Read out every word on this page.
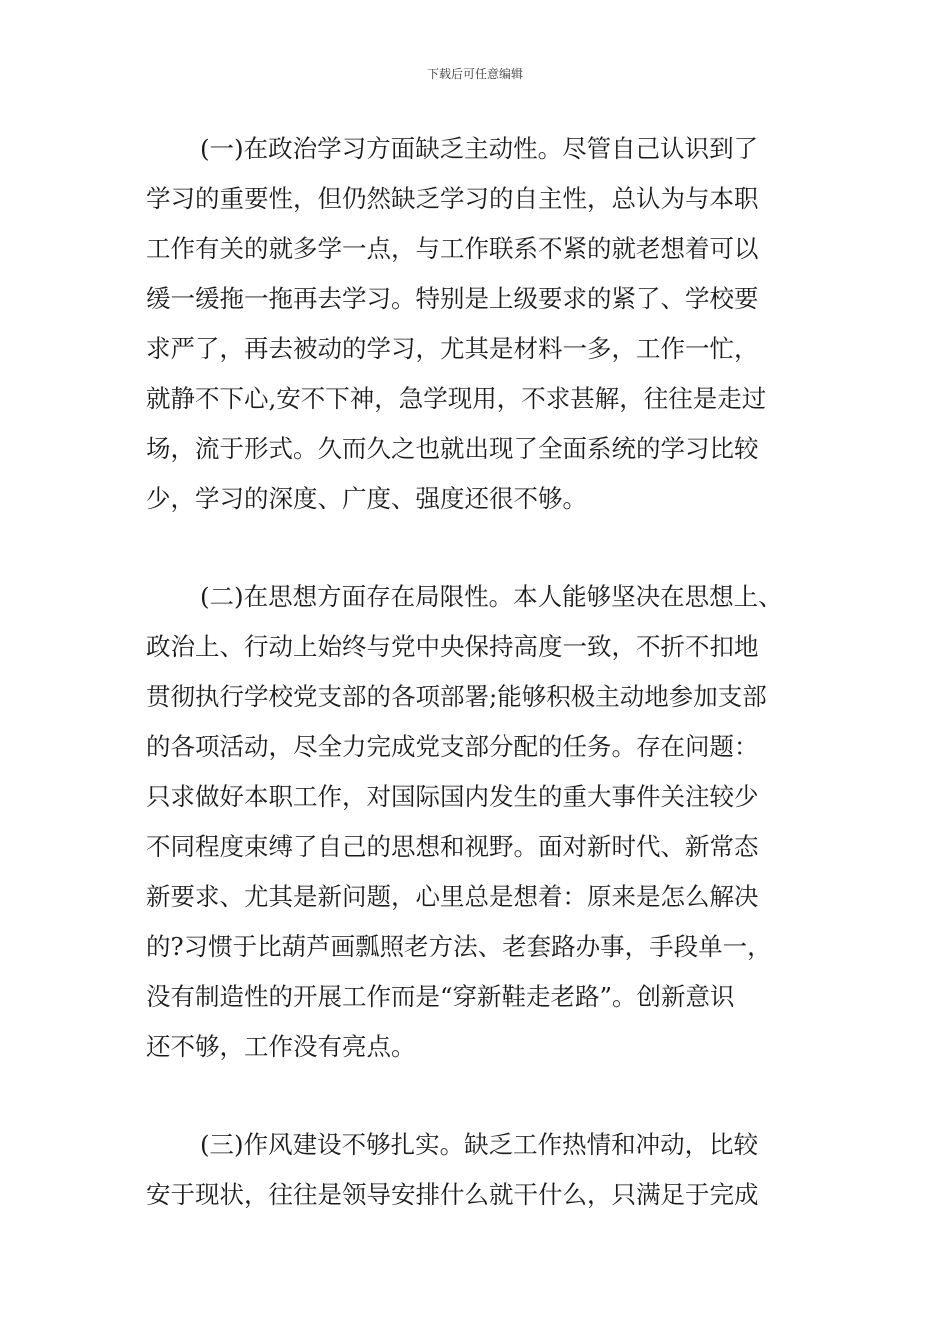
下载后可任意编辑
(一)在政治学习方面缺乏主动性。尽管自己认识到了
学习的重要性，但仍然缺乏学习的自主性，总认为与本职
工作有关的就多学一点，与工作联系不紧的就老想着可以
缓一缓拖一拖再去学习。特别是上级要求的紧了、学校要
求严了，再去被动的学习，尤其是材料一多，工作一忙，
就静不下心,安不下神，急学现用，不求甚解，往往是走过
场，流于形式。久而久之也就出现了全面系统的学习比较
少，学习的深度、广度、强度还很不够。
(二)在思想方面存在局限性。本人能够坚决在思想上、
政治上、行动上始终与党中央保持高度一致，不折不扣地
贯彻执行学校党支部的各项部署;能够积极主动地参加支部
的各项活动，尽全力完成党支部分配的任务。存在问题：
只求做好本职工作，对国际国内发生的重大事件关注较少
不同程度束缚了自己的思想和视野。面对新时代、新常态
新要求、尤其是新问题，心里总是想着：原来是怎么解决
的?习惯于比葫芦画瓢照老方法、老套路办事，手段单一，
没有制造性的开展工作而是“穿新鞋走老路”。创新意识
还不够，工作没有亮点。
(三)作风建设不够扎实。缺乏工作热情和冲动，比较
安于现状，往往是领导安排什么就干什么，只满足于完成
